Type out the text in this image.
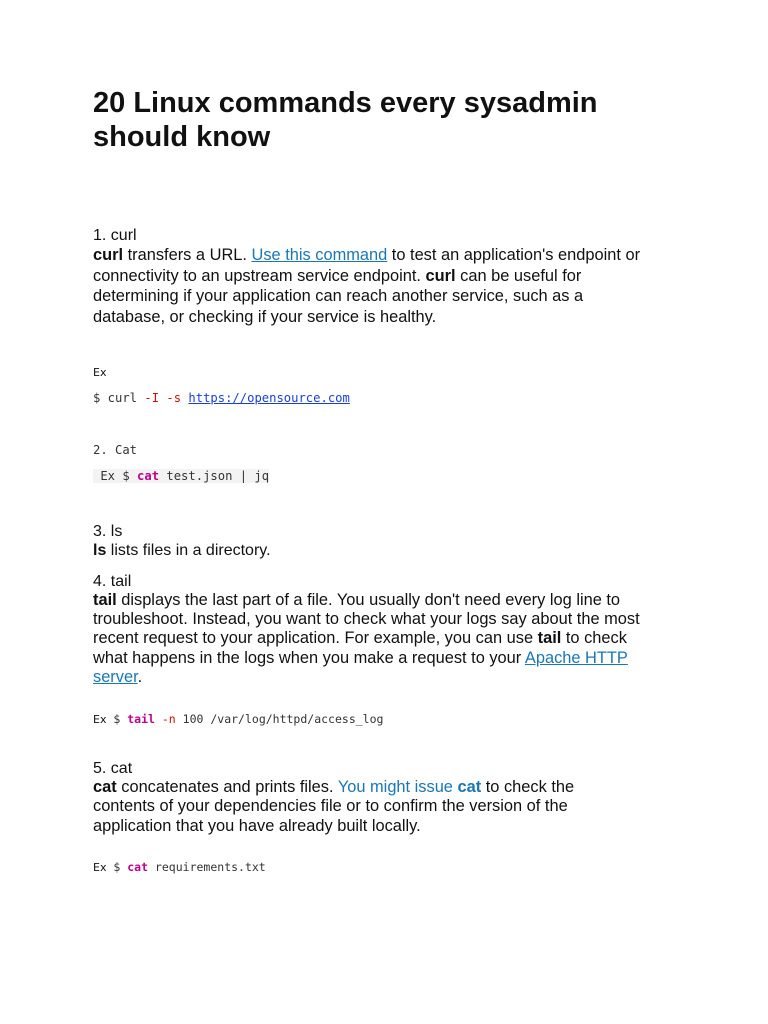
20 Linux commands every sysadmin should know
1. curl
curl transfers a URL. Use this command to test an application's endpoint or
connectivity to an upstream service endpoint. curl can be useful for
determining if your application can reach another service, such as a
database, or checking if your service is healthy.
Ex
$ curl -I -s https://opensource.com
2. Cat
Ex $ cat test.json | jq
3. ls
ls lists files in a directory.
4. tail
tail displays the last part of a file. You usually don't need every log line to
troubleshoot. Instead, you want to check what your logs say about the most
recent request to your application. For example, you can use tail to check
what happens in the logs when you make a request to your Apache HTTP
server.
Ex $ tail -n 100 /var/log/httpd/access_log
5. cat
cat concatenates and prints files. You might issue cat to check the
contents of your dependencies file or to confirm the version of the
application that you have already built locally.
Ex $ cat requirements.txt
